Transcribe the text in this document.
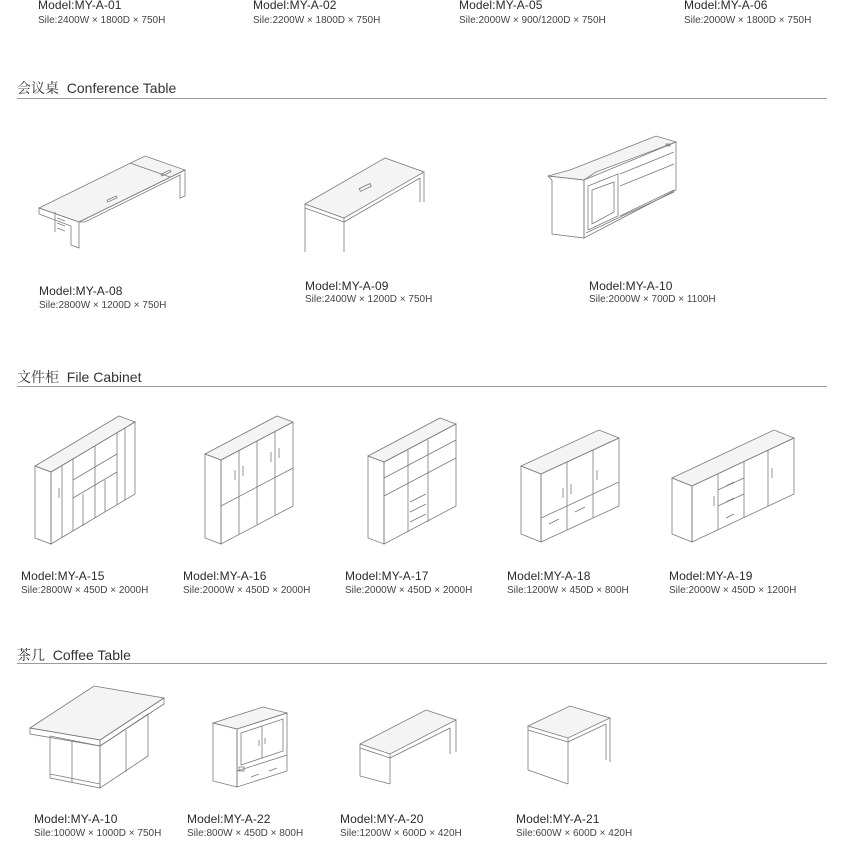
Model:MY-A-01
Sile:2400W × 1800D × 750H
Model:MY-A-02
Sile:2200W × 1800D × 750H
Model:MY-A-05
Sile:2000W × 900/1200D × 750H
Model:MY-A-06
Sile:2000W × 1800D × 750H
会议桌 Conference Table
Model:MY-A-08
Sile:2800W × 1200D × 750H
Model:MY-A-09
Sile:2400W × 1200D × 750H
Model:MY-A-10
Sile:2000W × 700D × 1100H
文件柜 File Cabinet
Model:MY-A-15
Sile:2800W × 450D × 2000H
Model:MY-A-16
Sile:2000W × 450D × 2000H
Model:MY-A-17
Sile:2000W × 450D × 2000H
Model:MY-A-18
Sile:1200W × 450D × 800H
Model:MY-A-19
Sile:2000W × 450D × 1200H
茶几 Coffee Table
Model:MY-A-10
Sile:1000W × 1000D × 750H
Model:MY-A-22
Sile:800W × 450D × 800H
Model:MY-A-20
Sile:1200W × 600D × 420H
Model:MY-A-21
Sile:600W × 600D × 420H
